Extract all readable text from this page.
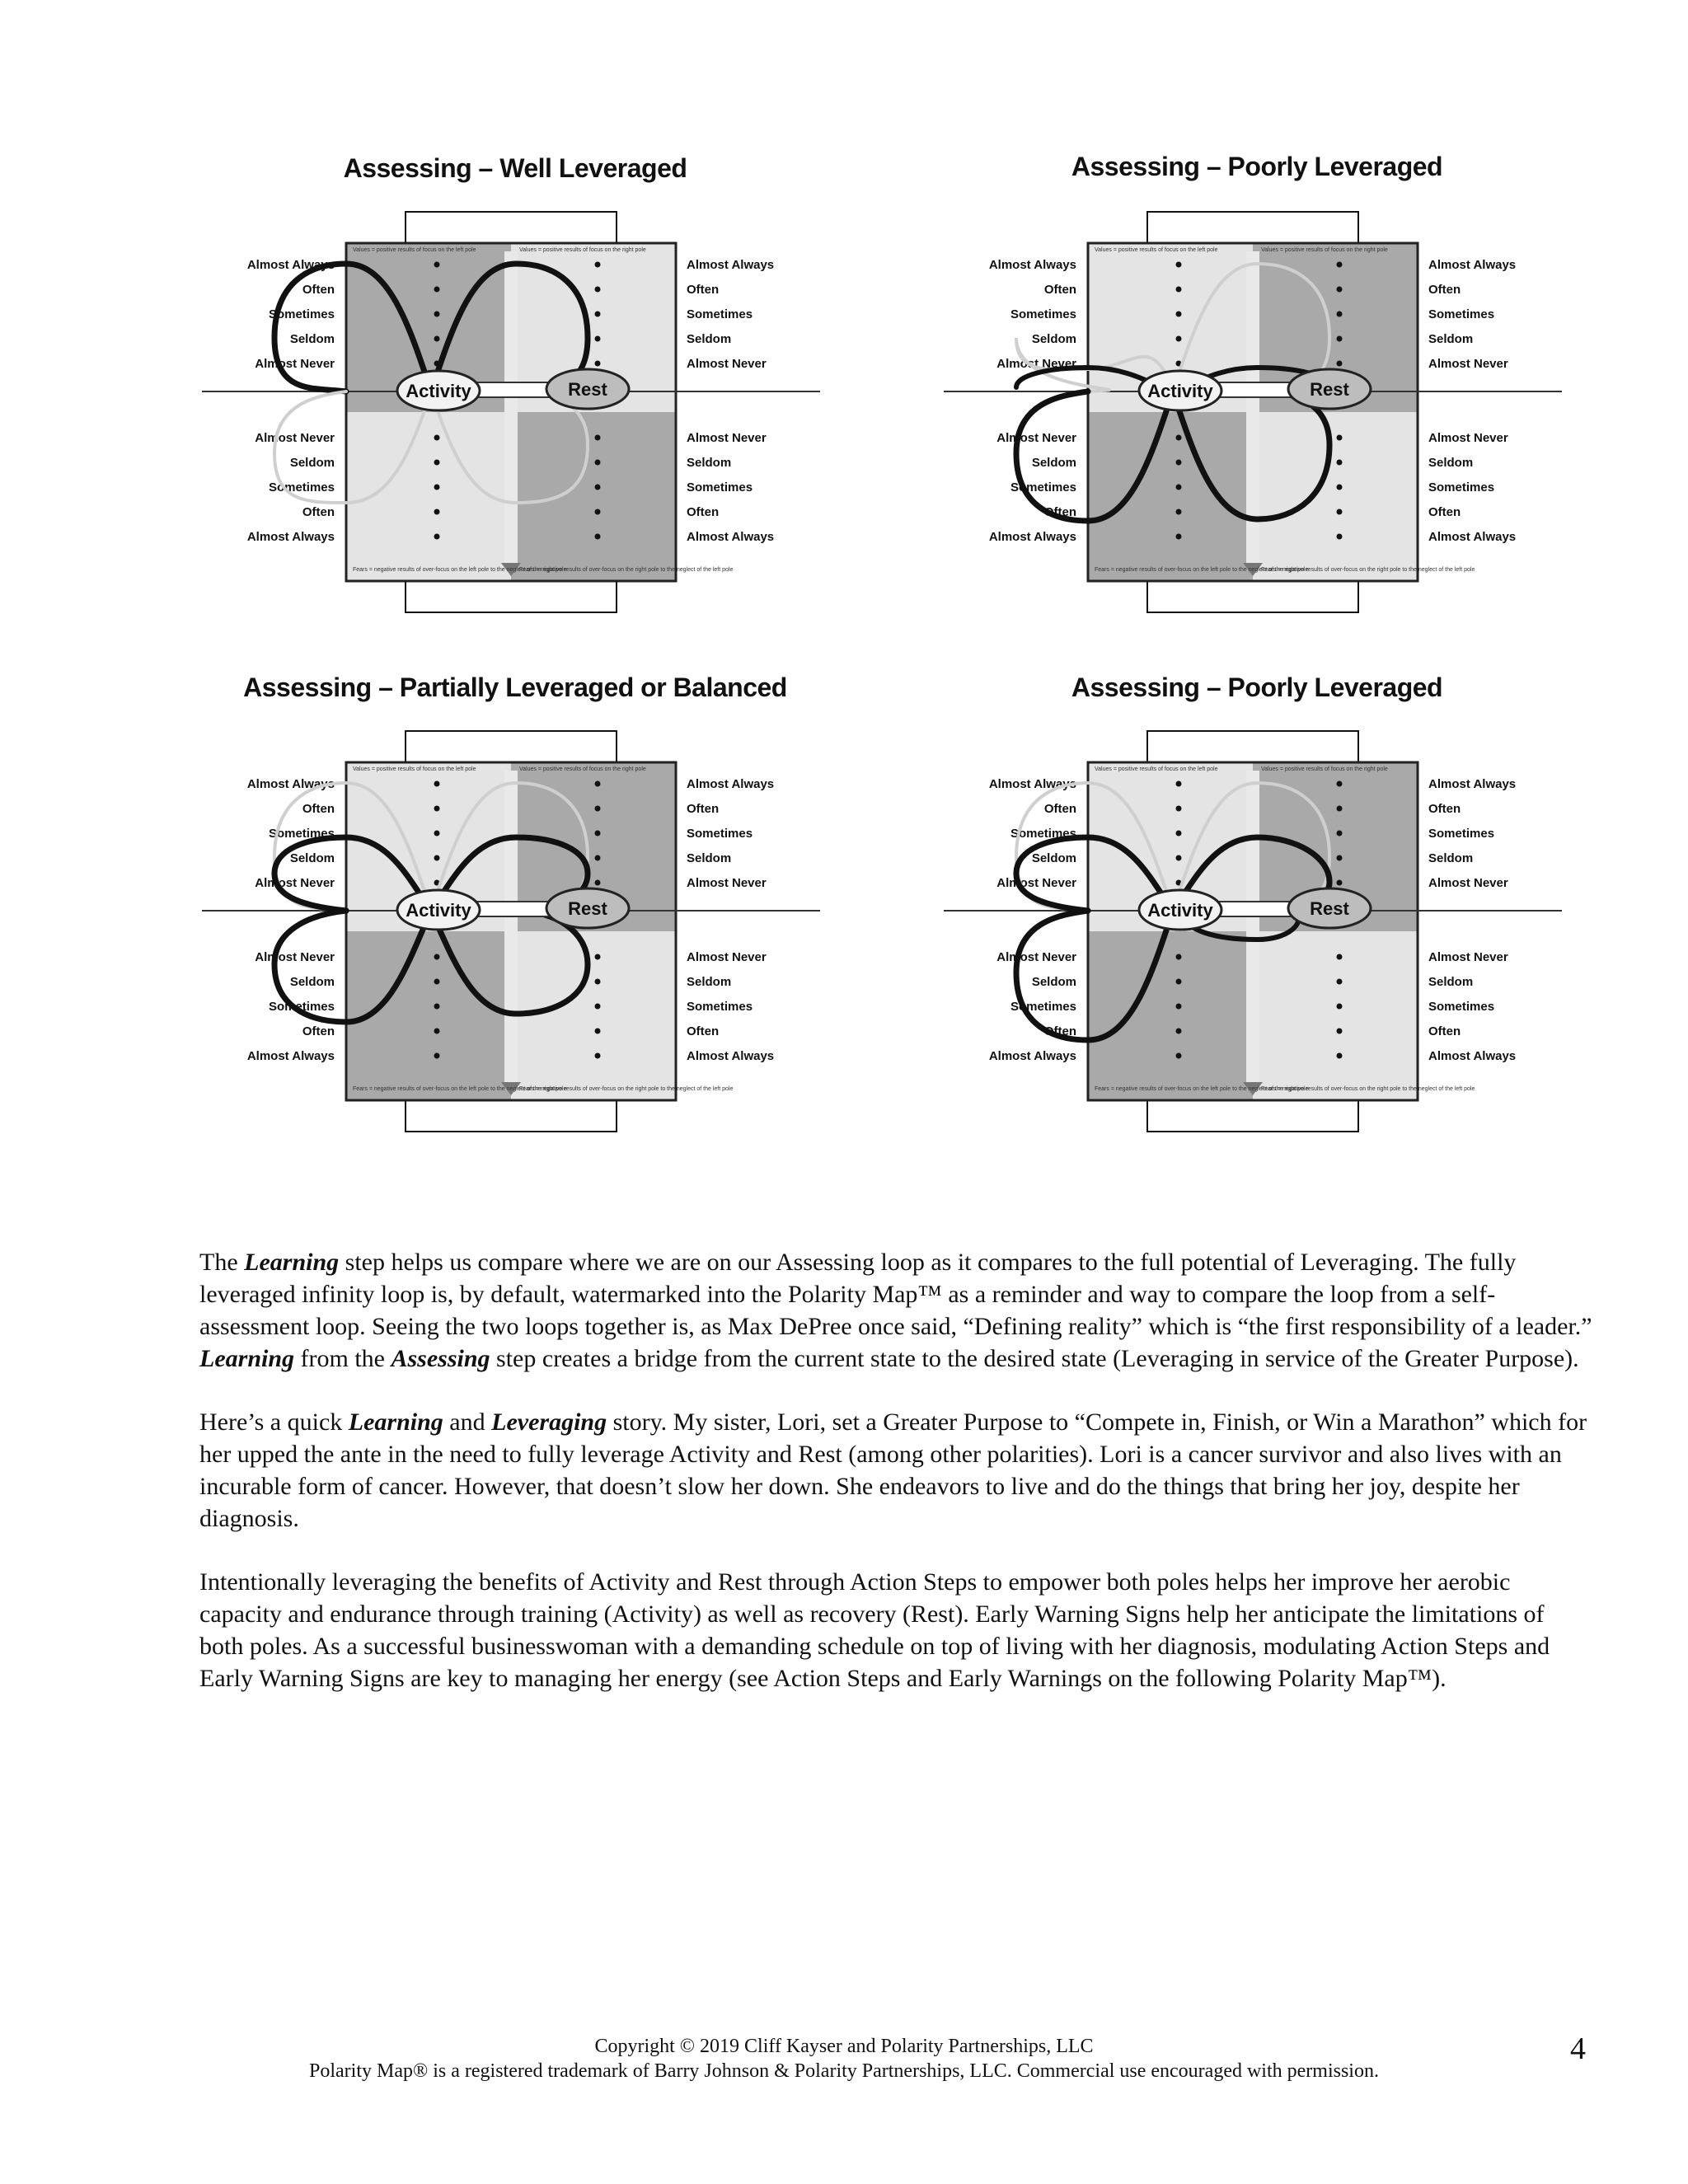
Assessing – Well Leveraged
Values = positive results of focus on the left pole	Values = positive results of focus on the right pole
Fears = negative results of over-focus on the left pole to the neglect of the right pole
Fears = negative results of over-focus on the right pole to the neglect of the left pole
Almost Always	Almost Always
Often	Often
Sometimes	Sometimes
Seldom	Seldom
Almost Never	Almost Never
Almost Never	Almost Never
Seldom	Seldom
Sometimes	Sometimes
Often	Often
Almost Always	Almost Always
Activity	Rest
Assessing – Poorly Leveraged
Values = positive results of focus on the left pole	Values = positive results of focus on the right pole
Fears = negative results of over-focus on the left pole to the neglect of the right pole
Fears = negative results of over-focus on the right pole to the neglect of the left pole
Almost Always	Almost Always
Often	Often
Sometimes	Sometimes
Seldom	Seldom
Almost Never	Almost Never
Almost Never	Almost Never
Seldom	Seldom
Sometimes	Sometimes
Often	Often
Almost Always	Almost Always
Activity	Rest
Assessing – Partially Leveraged or Balanced
Values = positive results of focus on the left pole	Values = positive results of focus on the right pole
Fears = negative results of over-focus on the left pole to the neglect of the right pole
Fears = negative results of over-focus on the right pole to the neglect of the left pole
Almost Always	Almost Always
Often	Often
Sometimes	Sometimes
Seldom	Seldom
Almost Never	Almost Never
Almost Never	Almost Never
Seldom	Seldom
Sometimes	Sometimes
Often	Often
Almost Always	Almost Always
Activity	Rest
Assessing – Poorly Leveraged
Values = positive results of focus on the left pole	Values = positive results of focus on the right pole
Fears = negative results of over-focus on the left pole to the neglect of the right pole
Fears = negative results of over-focus on the right pole to the neglect of the left pole
Almost Always	Almost Always
Often	Often
Sometimes	Sometimes
Seldom	Seldom
Almost Never	Almost Never
Almost Never	Almost Never
Seldom	Seldom
Sometimes	Sometimes
Often	Often
Almost Always	Almost Always
Activity	Rest

The Learning step helps us compare where we are on our Assessing loop as it compares to the full potential of Leveraging. The fully leveraged infinity loop is, by default, watermarked into the Polarity Map™ as a reminder and way to compare the loop from a self-assessment loop. Seeing the two loops together is, as Max DePree once said, “Defining reality” which is “the first responsibility of a leader.” Learning from the Assessing step creates a bridge from the current state to the desired state (Leveraging in service of the Greater Purpose).

Here’s a quick Learning and Leveraging story. My sister, Lori, set a Greater Purpose to “Compete in, Finish, or Win a Marathon” which for her upped the ante in the need to fully leverage Activity and Rest (among other polarities). Lori is a cancer survivor and also lives with an incurable form of cancer. However, that doesn’t slow her down. She endeavors to live and do the things that bring her joy, despite her diagnosis.

Intentionally leveraging the benefits of Activity and Rest through Action Steps to empower both poles helps her improve her aerobic capacity and endurance through training (Activity) as well as recovery (Rest). Early Warning Signs help her anticipate the limitations of both poles. As a successful businesswoman with a demanding schedule on top of living with her diagnosis, modulating Action Steps and Early Warning Signs are key to managing her energy (see Action Steps and Early Warnings on the following Polarity Map™).

Copyright © 2019 Cliff Kayser and Polarity Partnerships, LLC
Polarity Map® is a registered trademark of Barry Johnson & Polarity Partnerships, LLC. Commercial use encouraged with permission.
4
